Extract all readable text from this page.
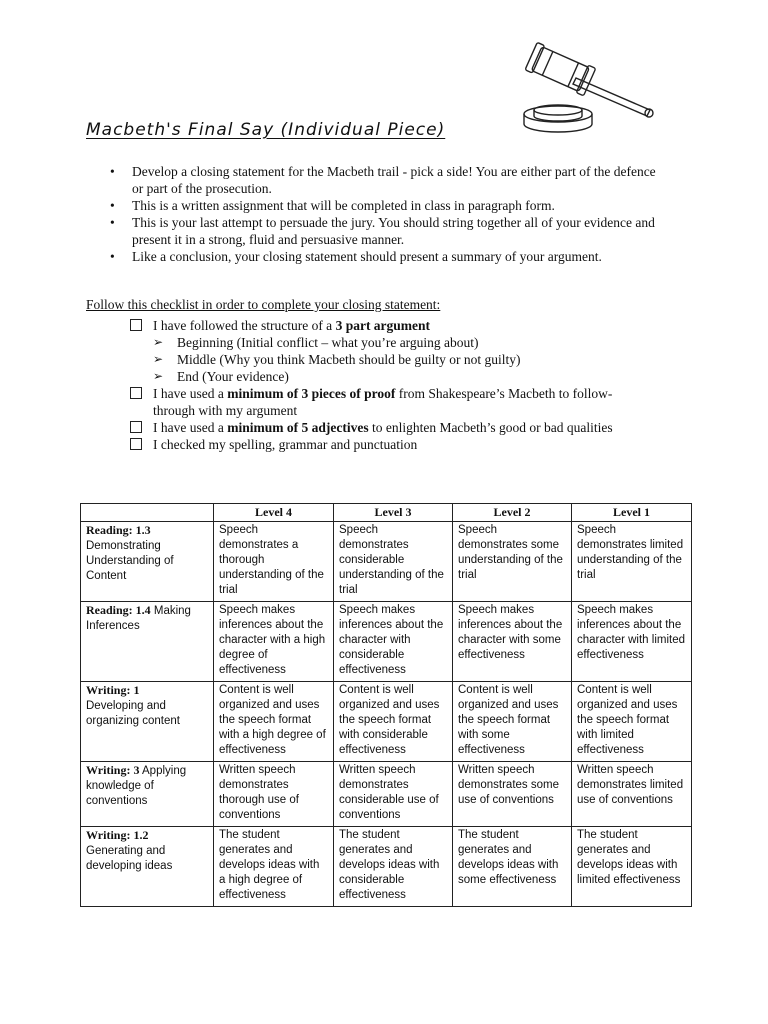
Macbeth's Final Say (Individual Piece)
• Develop a closing statement for the Macbeth trail - pick a side! You are either part of the defence or part of the prosecution.
• This is a written assignment that will be completed in class in paragraph form.
• This is your last attempt to persuade the jury. You should string together all of your evidence and present it in a strong, fluid and persuasive manner.
• Like a conclusion, your closing statement should present a summary of your argument.
Follow this checklist in order to complete your closing statement:
I have followed the structure of a 3 part argument
➢ Beginning (Initial conflict – what you’re arguing about)
➢ Middle (Why you think Macbeth should be guilty or not guilty)
➢ End (Your evidence)
I have used a minimum of 3 pieces of proof from Shakespeare’s Macbeth to follow-through with my argument
I have used a minimum of 5 adjectives to enlighten Macbeth’s good or bad qualities
I checked my spelling, grammar and punctuation
	Level 4	Level 3	Level 2	Level 1
Reading: 1.3
Demonstrating Understanding of Content	Speech demonstrates a thorough understanding of the trial	Speech demonstrates considerable understanding of the trial	Speech demonstrates some understanding of the trial	Speech demonstrates limited understanding of the trial
Reading: 1.4 Making Inferences	Speech makes inferences about the character with a high degree of effectiveness	Speech makes inferences about the character with considerable effectiveness	Speech makes inferences about the character with some effectiveness	Speech makes inferences about the character with limited effectiveness
Writing: 1
Developing and organizing content	Content is well organized and uses the speech format with a high degree of effectiveness	Content is well organized and uses the speech format with considerable effectiveness	Content is well organized and uses the speech format with some effectiveness	Content is well organized and uses the speech format with limited effectiveness
Writing: 3 Applying knowledge of conventions	Written speech demonstrates thorough use of conventions	Written speech demonstrates considerable use of conventions	Written speech demonstrates some use of conventions	Written speech demonstrates limited use of conventions
Writing: 1.2
Generating and developing ideas	The student generates and develops ideas with a high degree of effectiveness	The student generates and develops ideas with considerable effectiveness	The student generates and develops ideas with some effectiveness	The student generates and develops ideas with limited effectiveness
